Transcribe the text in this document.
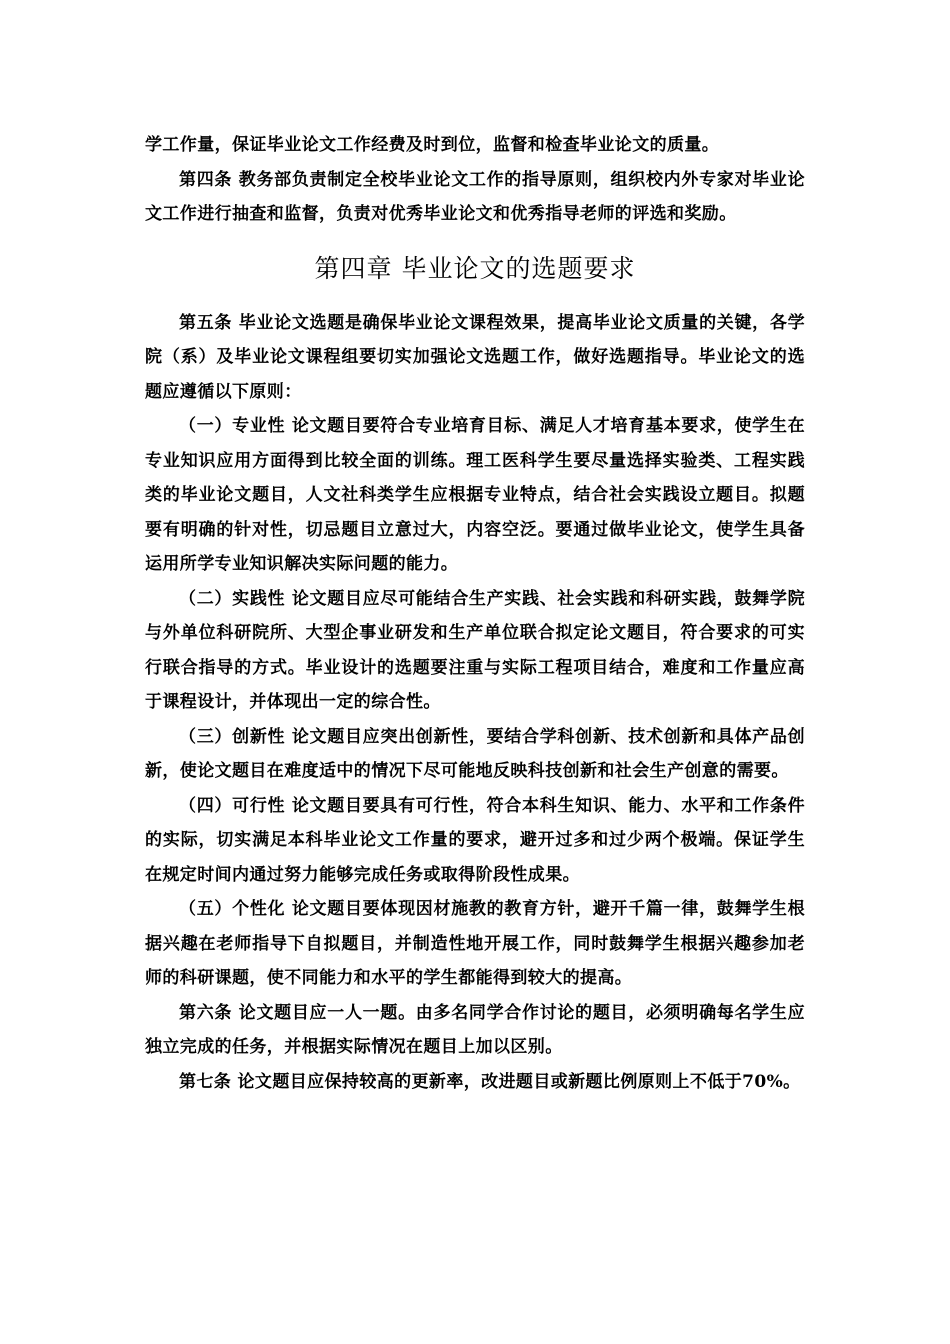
学工作量，保证毕业论文工作经费及时到位，监督和检查毕业论文的质量。

第四条 教务部负责制定全校毕业论文工作的指导原则，组织校内外专家对毕业论文工作进行抽查和监督，负责对优秀毕业论文和优秀指导老师的评选和奖励。

第四章 毕业论文的选题要求

第五条 毕业论文选题是确保毕业论文课程效果，提高毕业论文质量的关键，各学院（系）及毕业论文课程组要切实加强论文选题工作，做好选题指导。毕业论文的选题应遵循以下原则：

（一）专业性 论文题目要符合专业培育目标、满足人才培育基本要求，使学生在专业知识应用方面得到比较全面的训练。理工医科学生要尽量选择实验类、工程实践类的毕业论文题目，人文社科类学生应根据专业特点，结合社会实践设立题目。拟题要有明确的针对性，切忌题目立意过大，内容空泛。要通过做毕业论文，使学生具备运用所学专业知识解决实际问题的能力。

（二）实践性 论文题目应尽可能结合生产实践、社会实践和科研实践，鼓舞学院与外单位科研院所、大型企事业研发和生产单位联合拟定论文题目，符合要求的可实行联合指导的方式。毕业设计的选题要注重与实际工程项目结合，难度和工作量应高于课程设计，并体现出一定的综合性。

（三）创新性 论文题目应突出创新性，要结合学科创新、技术创新和具体产品创新，使论文题目在难度适中的情况下尽可能地反映科技创新和社会生产创意的需要。

（四）可行性 论文题目要具有可行性，符合本科生知识、能力、水平和工作条件的实际，切实满足本科毕业论文工作量的要求，避开过多和过少两个极端。保证学生在规定时间内通过努力能够完成任务或取得阶段性成果。

（五）个性化 论文题目要体现因材施教的教育方针，避开千篇一律，鼓舞学生根据兴趣在老师指导下自拟题目，并制造性地开展工作，同时鼓舞学生根据兴趣参加老师的科研课题，使不同能力和水平的学生都能得到较大的提高。

第六条 论文题目应一人一题。由多名同学合作讨论的题目，必须明确每名学生应独立完成的任务，并根据实际情况在题目上加以区别。

第七条 论文题目应保持较高的更新率，改进题目或新题比例原则上不低于70%。
